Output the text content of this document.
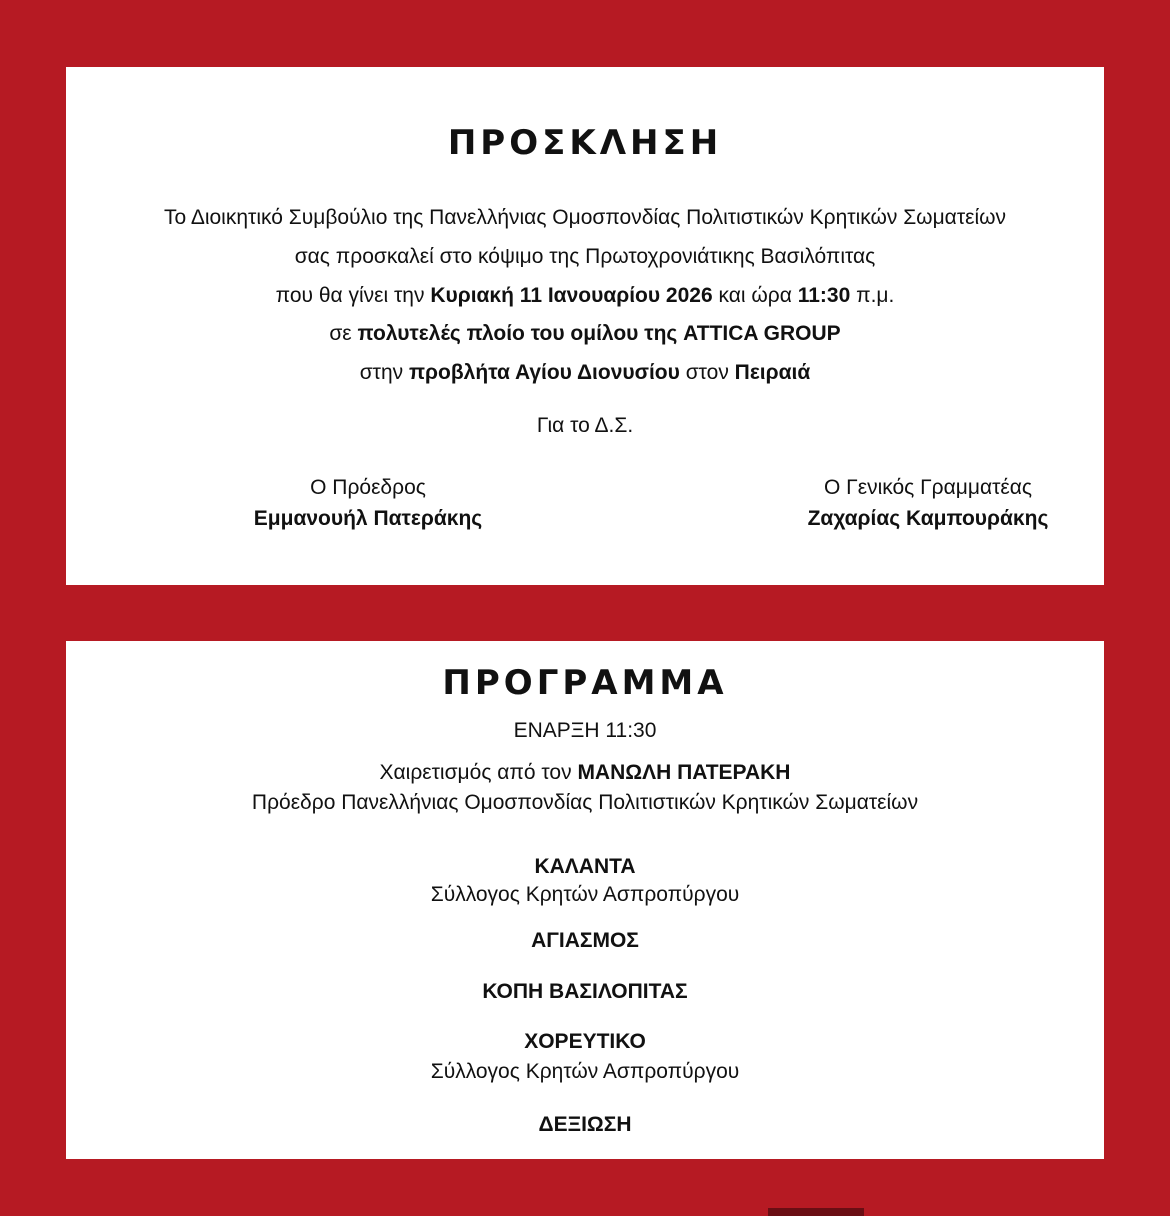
ΠΡΟΣΚΛΗΣΗ
Το Διοικητικό Συμβούλιο της Πανελλήνιας Ομοσπονδίας Πολιτιστικών Κρητικών Σωματείων
σας προσκαλεί στο κόψιμο της Πρωτοχρονιάτικης Βασιλόπιτας
που θα γίνει την Κυριακή 11 Ιανουαρίου 2026 και ώρα 11:30 π.μ.
σε πολυτελές πλοίο του ομίλου της ATTICA GROUP
στην προβλήτα Αγίου Διονυσίου στον Πειραιά
Για το Δ.Σ.
Ο Πρόεδρος
Εμμανουήλ Πατεράκης
Ο Γενικός Γραμματέας
Ζαχαρίας Καμπουράκης
ΠΡΟΓΡΑΜΜΑ
ΕΝΑΡΞΗ 11:30
Χαιρετισμός από τον ΜΑΝΩΛΗ ΠΑΤΕΡΑΚΗ
Πρόεδρο Πανελλήνιας Ομοσπονδίας Πολιτιστικών Κρητικών Σωματείων
ΚΑΛΑΝΤΑ
Σύλλογος Κρητών Ασπροπύργου
ΑΓΙΑΣΜΟΣ
ΚΟΠΗ ΒΑΣΙΛΟΠΙΤΑΣ
ΧΟΡΕΥΤΙΚΟ
Σύλλογος Κρητών Ασπροπύργου
ΔΕΞΙΩΣΗ
